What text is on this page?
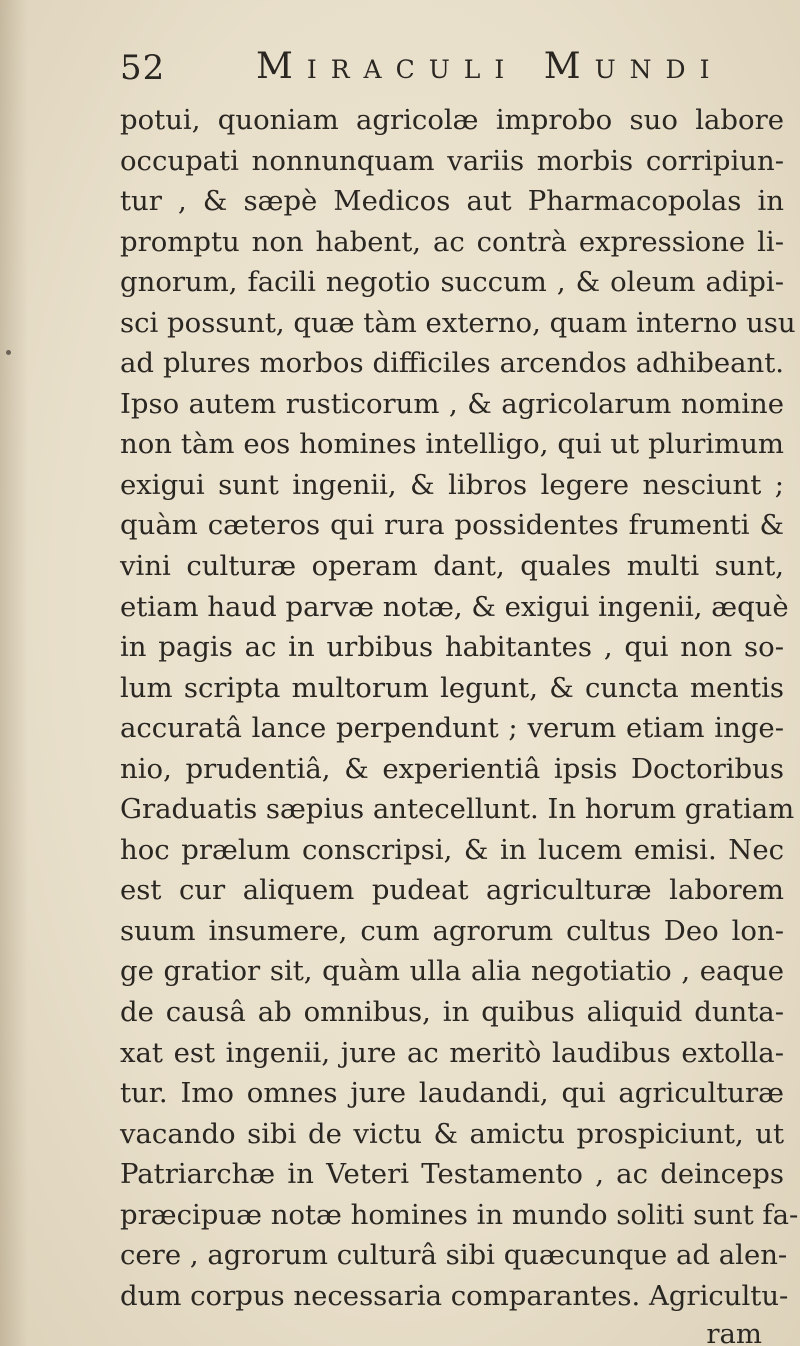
52	Miraculi Mundi
potui, quoniam agricolæ improbo suo labore
occupati nonnunquam variis morbis corripiun-
tur , & sæpè Medicos aut Pharmacopolas in
promptu non habent, ac contrà expressione li-
gnorum, facili negotio succum , & oleum adipi-
sci possunt, quæ tàm externo, quam interno usu
ad plures morbos difficiles arcendos adhibeant.
Ipso autem rusticorum , & agricolarum nomine
non tàm eos homines intelligo, qui ut plurimum
exigui sunt ingenii, & libros legere nesciunt ;
quàm cæteros qui rura possidentes frumenti &
vini culturæ operam dant, quales multi sunt,
etiam haud parvæ notæ, & exigui ingenii, æquè
in pagis ac in urbibus habitantes , qui non so-
lum scripta multorum legunt, & cuncta mentis
accuratâ lance perpendunt ; verum etiam inge-
nio, prudentiâ, & experientiâ ipsis Doctoribus
Graduatis sæpius antecellunt. In horum gratiam
hoc prælum conscripsi, & in lucem emisi. Nec
est cur aliquem pudeat agriculturæ laborem
suum insumere, cum agrorum cultus Deo lon-
ge gratior sit, quàm ulla alia negotiatio , eaque
de causâ ab omnibus, in quibus aliquid dunta-
xat est ingenii, jure ac meritò laudibus extolla-
tur. Imo omnes jure laudandi, qui agriculturæ
vacando sibi de victu & amictu prospiciunt, ut
Patriarchæ in Veteri Testamento , ac deinceps
præcipuæ notæ homines in mundo soliti sunt fa-
cere , agrorum culturâ sibi quæcunque ad alen-
dum corpus necessaria comparantes. Agricultu-
ram
